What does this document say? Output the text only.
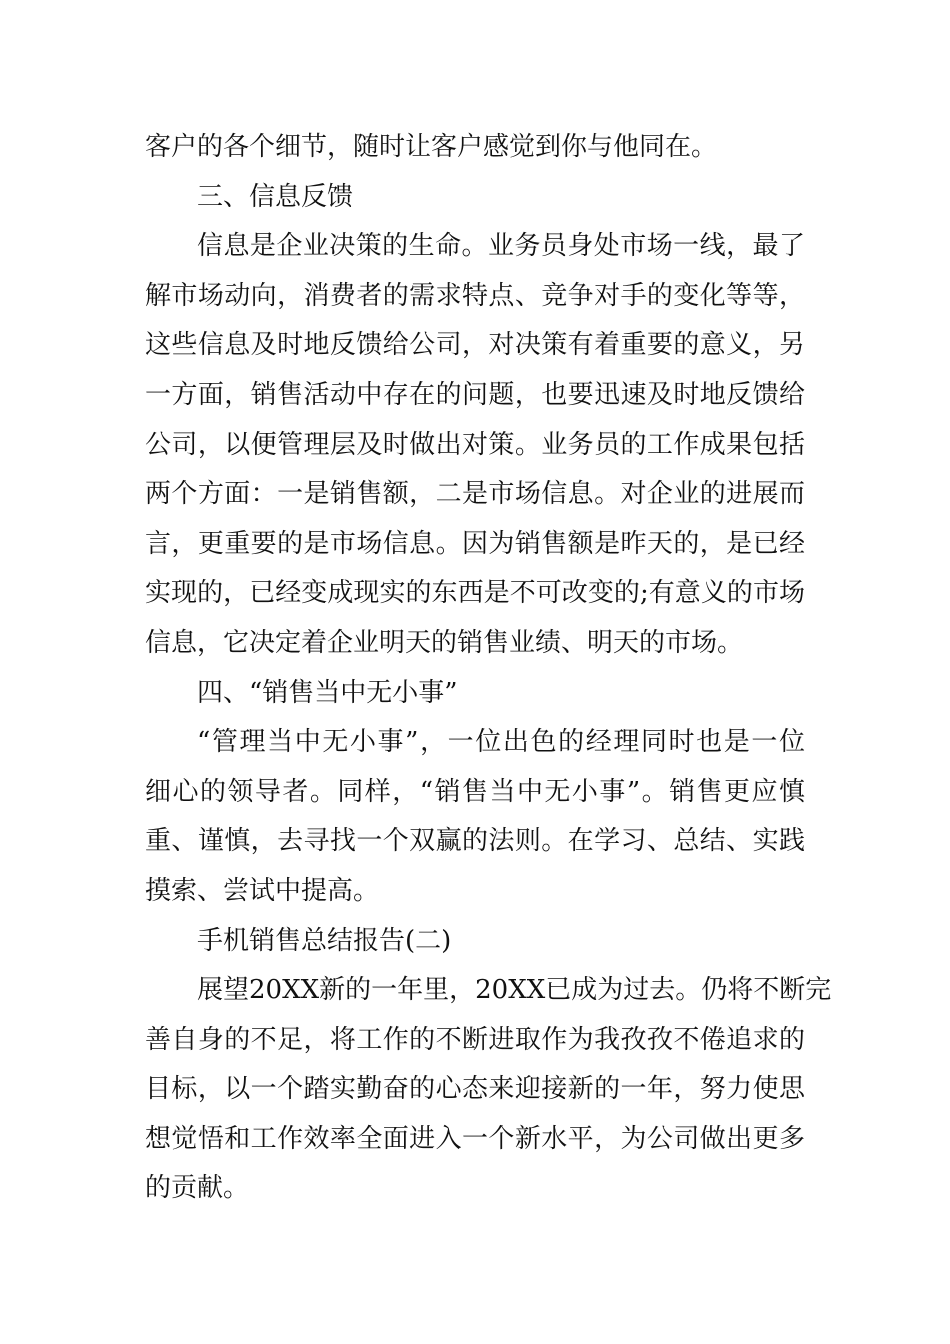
客户的各个细节，随时让客户感觉到你与他同在。
三、信息反馈
信息是企业决策的生命。业务员身处市场一线，最了
解市场动向，消费者的需求特点、竞争对手的变化等等，
这些信息及时地反馈给公司，对决策有着重要的意义，另
一方面，销售活动中存在的问题，也要迅速及时地反馈给
公司，以便管理层及时做出对策。业务员的工作成果包括
两个方面：一是销售额，二是市场信息。对企业的进展而
言，更重要的是市场信息。因为销售额是昨天的，是已经
实现的，已经变成现实的东西是不可改变的;有意义的市场
信息，它决定着企业明天的销售业绩、明天的市场。
四、“销售当中无小事”
“管理当中无小事”，一位出色的经理同时也是一位
细心的领导者。同样，“销售当中无小事”。销售更应慎
重、谨慎，去寻找一个双赢的法则。在学习、总结、实践
摸索、尝试中提高。
手机销售总结报告(二)
展望20XX新的一年里，20XX已成为过去。仍将不断完
善自身的不足，将工作的不断进取作为我孜孜不倦追求的
目标，以一个踏实勤奋的心态来迎接新的一年，努力使思
想觉悟和工作效率全面进入一个新水平，为公司做出更多
的贡献。
